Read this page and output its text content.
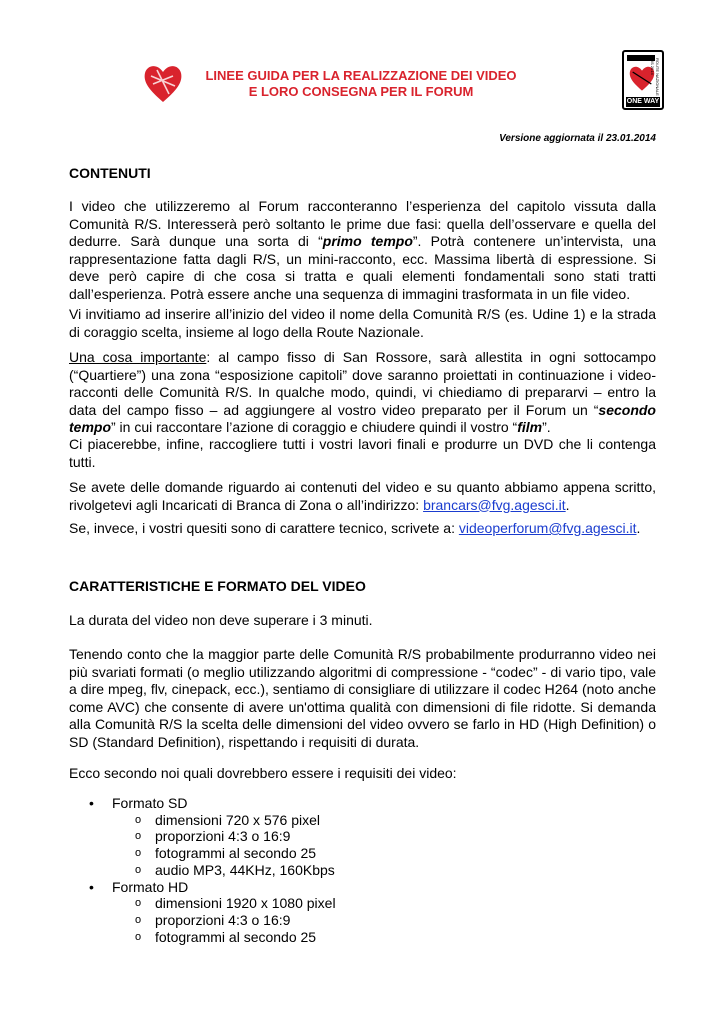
LINEE GUIDA PER LA REALIZZAZIONE DEI VIDEO
E LORO CONSEGNA PER IL FORUM
ONE WAY
ROUTE NAZIONALE R/S 2014
Versione aggiornata il 23.01.2014
CONTENUTI
I video che utilizzeremo al Forum racconteranno l’esperienza del capitolo vissuta dalla Comunità R/S. Interesserà però soltanto le prime due fasi: quella dell’osservare e quella del dedurre. Sarà dunque una sorta di “primo tempo”. Potrà contenere un’intervista, una rappresentazione fatta dagli R/S, un mini-racconto, ecc. Massima libertà di espressione. Si deve però capire di che cosa si tratta e quali elementi fondamentali sono stati tratti dall’esperienza. Potrà essere anche una sequenza di immagini trasformata in un file video.
Vi invitiamo ad inserire all’inizio del video il nome della Comunità R/S (es. Udine 1) e la strada di coraggio scelta, insieme al logo della Route Nazionale.
Una cosa importante: al campo fisso di San Rossore, sarà allestita in ogni sottocampo (“Quartiere”) una zona “esposizione capitoli” dove saranno proiettati in continuazione i video-racconti delle Comunità R/S. In qualche modo, quindi, vi chiediamo di prepararvi – entro la data del campo fisso – ad aggiungere al vostro video preparato per il Forum un “secondo tempo” in cui raccontare l’azione di coraggio e chiudere quindi il vostro “film”.
Ci piacerebbe, infine, raccogliere tutti i vostri lavori finali e produrre un DVD che li contenga tutti.
Se avete delle domande riguardo ai contenuti del video e su quanto abbiamo appena scritto, rivolgetevi agli Incaricati di Branca di Zona o all’indirizzo: brancars@fvg.agesci.it.
Se, invece, i vostri quesiti sono di carattere tecnico, scrivete a: videoperforum@fvg.agesci.it.
CARATTERISTICHE E FORMATO DEL VIDEO
La durata del video non deve superare i 3 minuti.
Tenendo conto che la maggior parte delle Comunità R/S probabilmente produrranno video nei più svariati formati (o meglio utilizzando algoritmi di compressione - “codec” - di vario tipo, vale a dire mpeg, flv, cinepack, ecc.), sentiamo di consigliare di utilizzare il codec H264 (noto anche come AVC) che consente di avere un'ottima qualità con dimensioni di file ridotte. Si demanda alla Comunità R/S la scelta delle dimensioni del video ovvero se farlo in HD (High Definition) o SD (Standard Definition), rispettando i requisiti di durata.
Ecco secondo noi quali dovrebbero essere i requisiti dei video:
• Formato SD
o dimensioni 720 x 576 pixel
o proporzioni 4:3 o 16:9
o fotogrammi al secondo 25
o audio MP3, 44KHz, 160Kbps
• Formato HD
o dimensioni 1920 x 1080 pixel
o proporzioni 4:3 o 16:9
o fotogrammi al secondo 25
